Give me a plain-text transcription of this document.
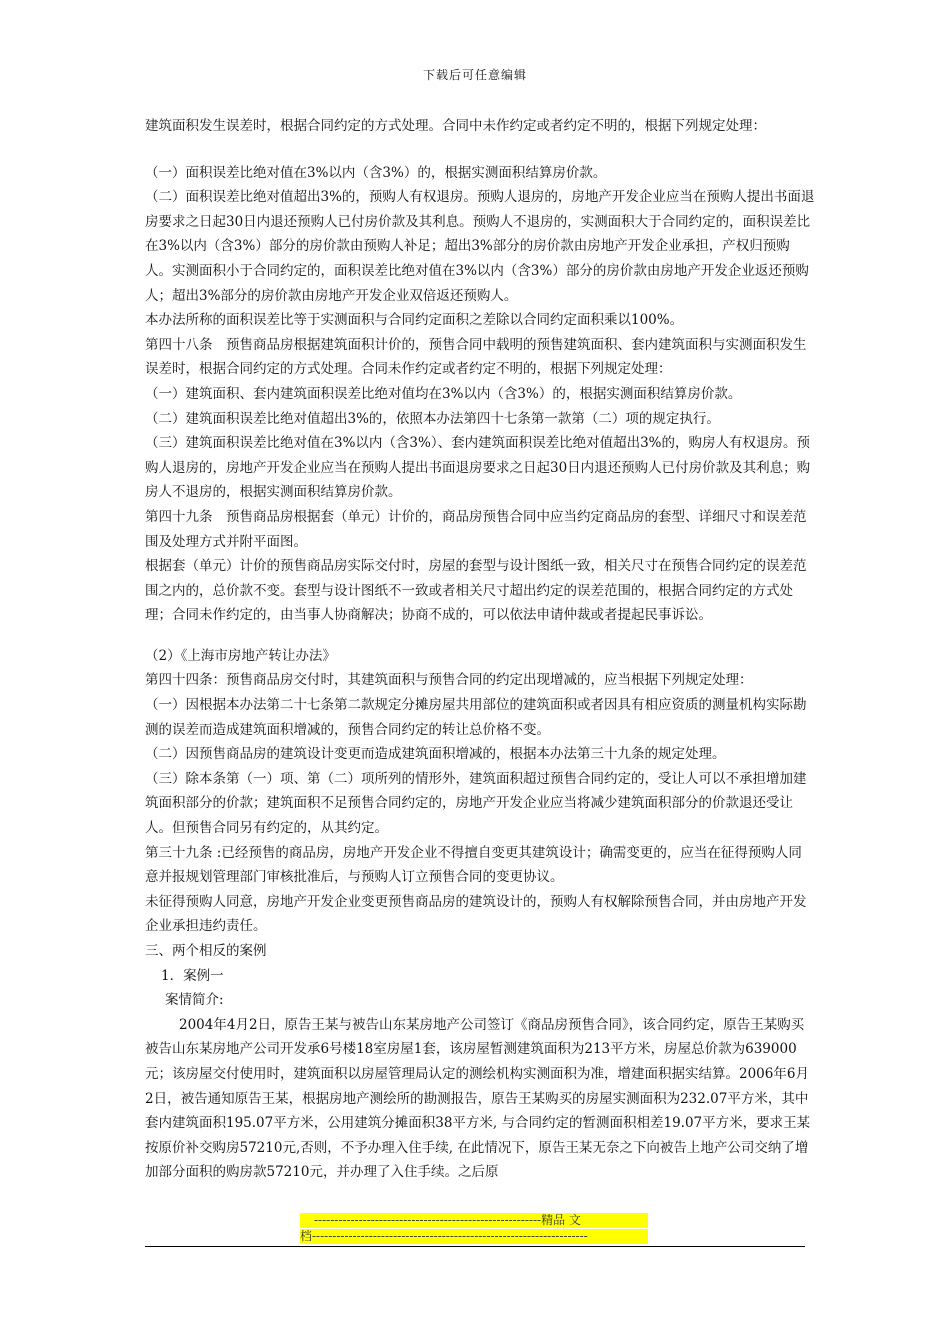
下载后可任意编辑

建筑面积发生误差时，根据合同约定的方式处理。合同中未作约定或者约定不明的，根据下列规定处理：

（一）面积误差比绝对值在3%以内（含3%）的，根据实测面积结算房价款。

（二）面积误差比绝对值超出3%的，预购人有权退房。预购人退房的，房地产开发企业应当在预购人提出书面退房要求之日起30日内退还预购人已付房价款及其利息。预购人不退房的，实测面积大于合同约定的，面积误差比在3%以内（含3%）部分的房价款由预购人补足；超出3%部分的房价款由房地产开发企业承担，产权归预购人。实测面积小于合同约定的，面积误差比绝对值在3%以内（含3%）部分的房价款由房地产开发企业返还预购人；超出3%部分的房价款由房地产开发企业双倍返还预购人。

本办法所称的面积误差比等于实测面积与合同约定面积之差除以合同约定面积乘以100%。

第四十八条　预售商品房根据建筑面积计价的，预售合同中载明的预售建筑面积、套内建筑面积与实测面积发生误差时，根据合同约定的方式处理。合同未作约定或者约定不明的，根据下列规定处理：

（一）建筑面积、套内建筑面积误差比绝对值均在3%以内（含3%）的，根据实测面积结算房价款。

（二）建筑面积误差比绝对值超出3%的，依照本办法第四十七条第一款第（二）项的规定执行。

（三）建筑面积误差比绝对值在3%以内（含3%）、套内建筑面积误差比绝对值超出3%的，购房人有权退房。预购人退房的，房地产开发企业应当在预购人提出书面退房要求之日起30日内退还预购人已付房价款及其利息；购房人不退房的，根据实测面积结算房价款。

第四十九条　预售商品房根据套（单元）计价的，商品房预售合同中应当约定商品房的套型、详细尺寸和误差范围及处理方式并附平面图。

根据套（单元）计价的预售商品房实际交付时，房屋的套型与设计图纸一致，相关尺寸在预售合同约定的误差范围之内的，总价款不变。套型与设计图纸不一致或者相关尺寸超出约定的误差范围的，根据合同约定的方式处理；合同未作约定的，由当事人协商解决；协商不成的，可以依法申请仲裁或者提起民事诉讼。

（2）《上海市房地产转让办法》

第四十四条：预售商品房交付时，其建筑面积与预售合同的约定出现增减的，应当根据下列规定处理：

（一）因根据本办法第二十七条第二款规定分摊房屋共用部位的建筑面积或者因具有相应资质的测量机构实际勘测的误差而造成建筑面积增减的，预售合同约定的转让总价格不变。

（二）因预售商品房的建筑设计变更而造成建筑面积增减的，根据本办法第三十九条的规定处理。

（三）除本条第（一）项、第（二）项所列的情形外，建筑面积超过预售合同约定的，受让人可以不承担增加建筑面积部分的价款；建筑面积不足预售合同约定的，房地产开发企业应当将减少建筑面积部分的价款退还受让人。但预售合同另有约定的，从其约定。

第三十九条 :已经预售的商品房，房地产开发企业不得擅自变更其建筑设计；确需变更的，应当在征得预购人同意并报规划管理部门审核批准后，与预购人订立预售合同的变更协议。

未征得预购人同意，房地产开发企业变更预售商品房的建筑设计的，预购人有权解除预售合同，并由房地产开发企业承担违约责任。

三、两个相反的案例

1．案例一

案情简介:

2004年4月2日，原告王某与被告山东某房地产公司签订《商品房预售合同》，该合同约定，原告王某购买被告山东某房地产公司开发承6号楼18室房屋1套，该房屋暂测建筑面积为213平方米，房屋总价款为639000元；该房屋交付使用时，建筑面积以房屋管理局认定的测绘机构实测面积为准，增建面积据实结算。2006年6月2日，被告通知原告王某，根据房地产测绘所的勘测报告，原告王某购买的房屋实测面积为232.07平方米，其中套内建筑面积195.07平方米，公用建筑分摊面积38平方米, 与合同约定的暂测面积相差19.07平方米，要求王某按原价补交购房57210元,否则，不予办理入住手续, 在此情况下，原告王某无奈之下向被告上地产公司交纳了增加部分面积的购房款57210元，并办理了入住手续。之后原

--------------------------------------------------------精品 文
档--------------------------------------------------------------------
